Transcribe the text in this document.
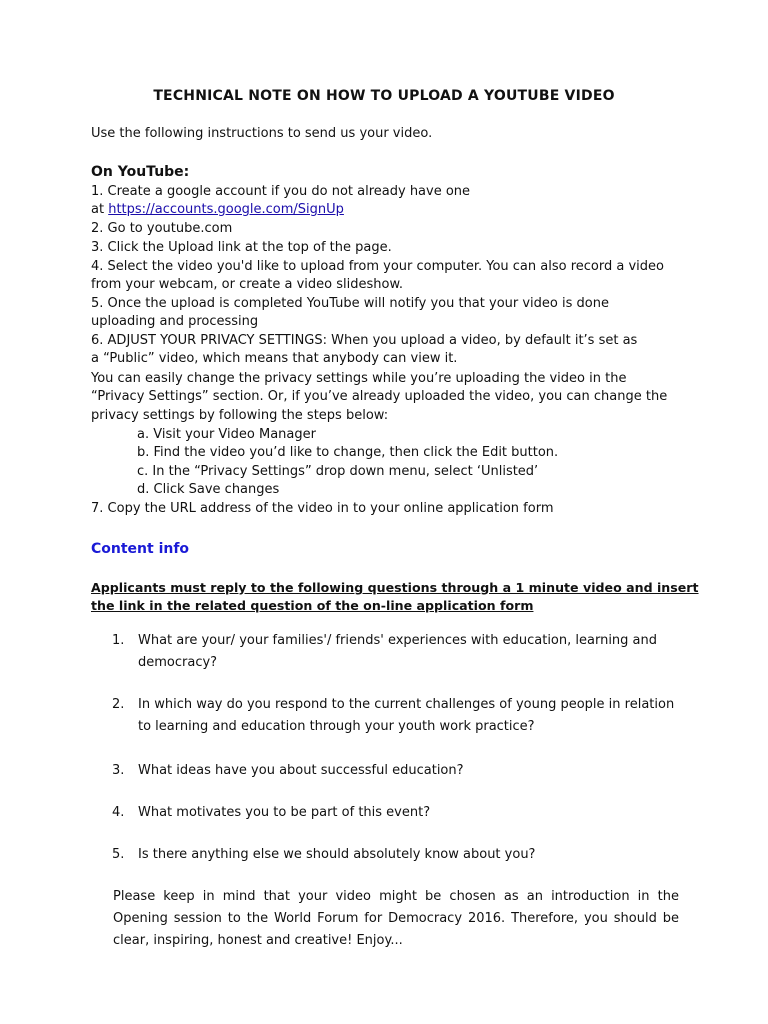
TECHNICAL NOTE ON HOW TO UPLOAD A YOUTUBE VIDEO
Use the following instructions to send us your video.
On YouTube:
1. Create a google account if you do not already have one
at https://accounts.google.com/SignUp
2. Go to youtube.com
3. Click the Upload link at the top of the page.
4. Select the video you'd like to upload from your computer. You can also record a video
from your webcam, or create a video slideshow.
5. Once the upload is completed YouTube will notify you that your video is done
uploading and processing
6. ADJUST YOUR PRIVACY SETTINGS: When you upload a video, by default it’s set as
a “Public” video, which means that anybody can view it.
You can easily change the privacy settings while you’re uploading the video in the
“Privacy Settings” section. Or, if you’ve already uploaded the video, you can change the
privacy settings by following the steps below:
a. Visit your Video Manager
b. Find the video you’d like to change, then click the Edit button.
c. In the “Privacy Settings” drop down menu, select ‘Unlisted’
d. Click Save changes
7. Copy the URL address of the video in to your online application form
Content info
Applicants must reply to the following questions through a 1 minute video and insert
the link in the related question of the on-line application form
1. What are your/ your families'/ friends' experiences with education, learning and
democracy?
2. In which way do you respond to the current challenges of young people in relation
to learning and education through your youth work practice?
3. What ideas have you about successful education?
4. What motivates you to be part of this event?
5. Is there anything else we should absolutely know about you?
Please keep in mind that your video might be chosen as an introduction in the Opening session to the World Forum for Democracy 2016. Therefore, you should be clear, inspiring, honest and creative! Enjoy...
